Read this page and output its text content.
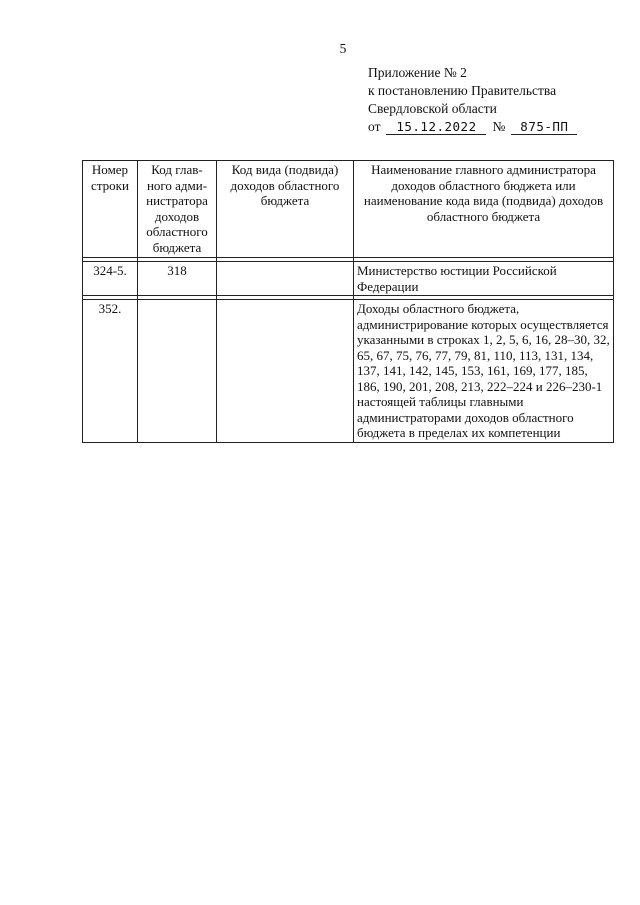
5
Приложение № 2
к постановлению Правительства
Свердловской области
от 15.12.2022 № 875-ПП
Номер строки	Код глав-ного адми-нистратора доходов областного бюджета	Код вида (подвида) доходов областного бюджета	Наименование главного администратора доходов областного бюджета или наименование кода вида (подвида) доходов областного бюджета

324-5.	318		Министерство юстиции Российской Федерации

352.			Доходы областного бюджета, администрирование которых осуществляется указанными в строках 1, 2, 5, 6, 16, 28–30, 32, 65, 67, 75, 76, 77, 79, 81, 110, 113, 131, 134, 137, 141, 142, 145, 153, 161, 169, 177, 185, 186, 190, 201, 208, 213, 222–224 и 226–230-1 настоящей таблицы главными администраторами доходов областного бюджета в пределах их компетенции
